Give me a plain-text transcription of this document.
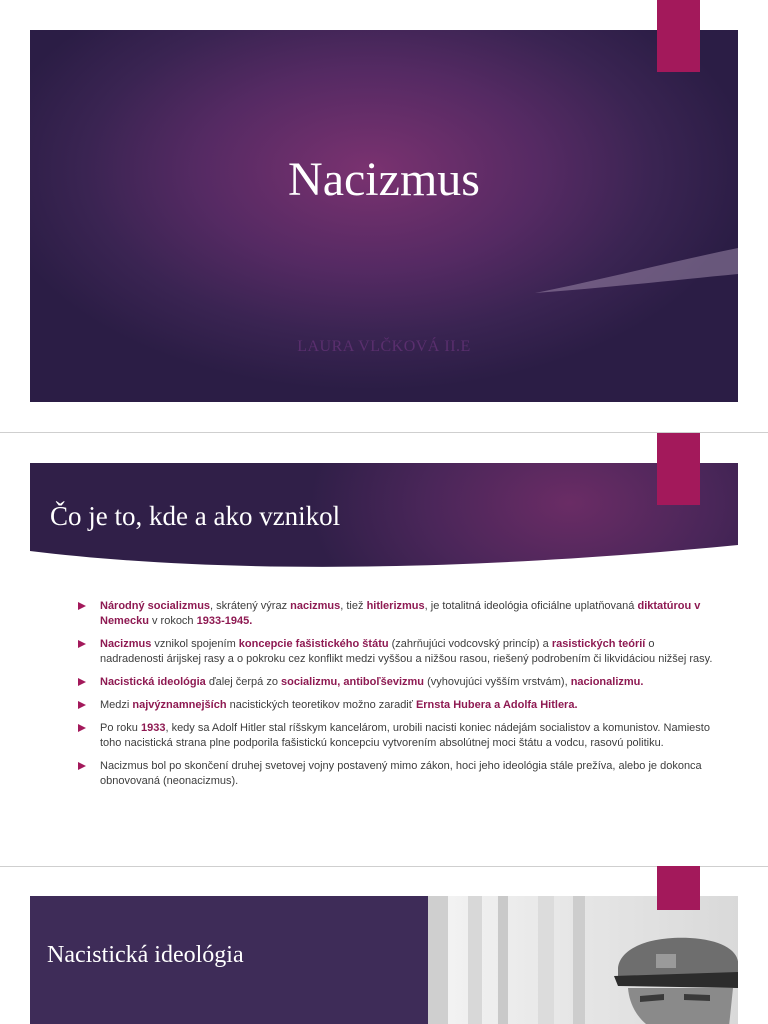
Nacizmus
LAURA VLČKOVÁ II.E
Čo je to, kde a ako vznikol
Národný socializmus, skrátený výraz nacizmus, tiež hitlerizmus, je totalitná ideológia oficiálne uplatňovaná diktatúrou v Nemecku v rokoch 1933-1945.
Nacizmus vznikol spojením koncepcie fašistického štátu (zahrňujúci vodcovský princíp) a rasistických teórií o nadradenosti árijskej rasy a o pokroku cez konflikt medzi vyššou a nižšou rasou, riešený podrobením či likvidáciou nižšej rasy.
Nacistická ideológia ďalej čerpá zo socializmu, antiboľševizmu (vyhovujúci vyšším vrstvám), nacionalizmu.
Medzi najvýznamnejších nacistických teoretikov možno zaradiť Ernsta Hubera a Adolfa Hitlera.
Po roku 1933, kedy sa Adolf Hitler stal ríšskym kancelárom, urobili nacisti koniec nádejám socialistov a komunistov. Namiesto toho nacistická strana plne podporila fašistickú koncepciu vytvorením absolútnej moci štátu a vodcu, rasovú politiku.
Nacizmus bol po skončení druhej svetovej vojny postavený mimo zákon, hoci jeho ideológia stále prežíva, alebo je dokonca obnovovaná (neonacizmus).
Nacistická ideológia
